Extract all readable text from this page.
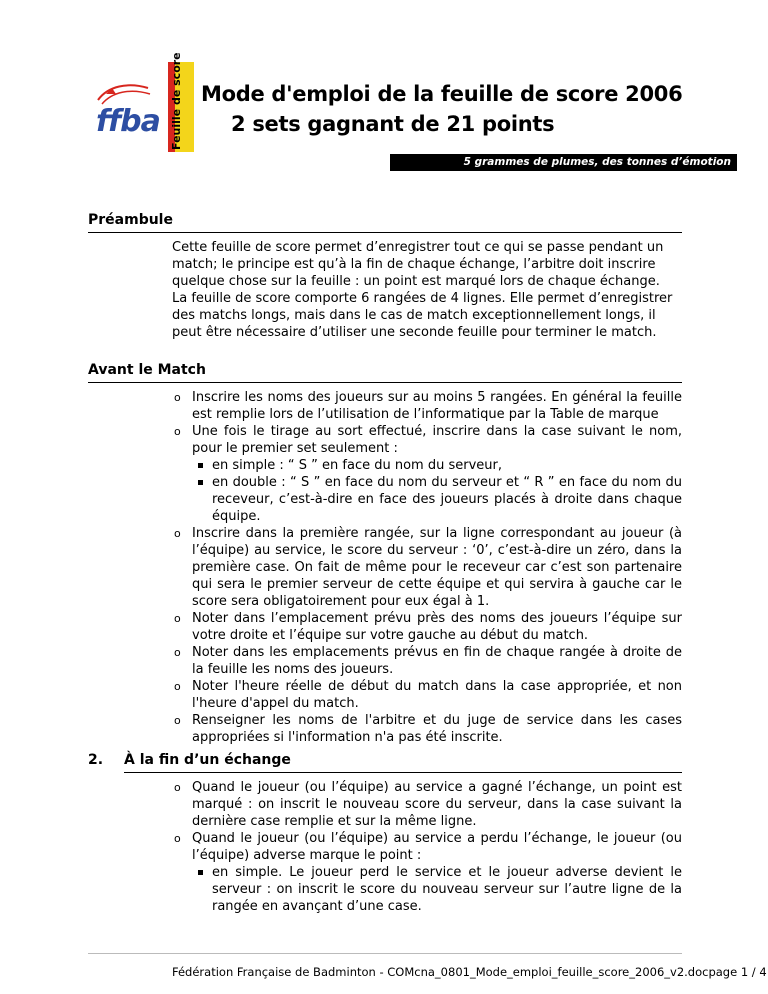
ffba Feuille de score Mode d'emploi de la feuille de score 2006
2 sets gagnant de 21 points
5 grammes de plumes, des tonnes d’émotion
Préambule
Cette feuille de score permet d’enregistrer tout ce qui se passe pendant un match; le principe est qu’à la fin de chaque échange, l’arbitre doit inscrire quelque chose sur la feuille : un point est marqué lors de chaque échange.
La feuille de score comporte 6 rangées de 4 lignes. Elle permet d’enregistrer des matchs longs, mais dans le cas de match exceptionnellement longs, il peut être nécessaire d’utiliser une seconde feuille pour terminer le match.
Avant le Match
o Inscrire les noms des joueurs sur au moins 5 rangées. En général la feuille est remplie lors de l’utilisation de l’informatique par la Table de marque
o Une fois le tirage au sort effectué, inscrire dans la case suivant le nom, pour le premier set seulement :
en simple : “ S ” en face du nom du serveur,
en double : “ S ” en face du nom du serveur et “ R ” en face du nom du receveur, c’est-à-dire en face des joueurs placés à droite dans chaque équipe.
o Inscrire dans la première rangée, sur la ligne correspondant au joueur (à l’équipe) au service, le score du serveur : ‘0’, c’est-à-dire un zéro, dans la première case. On fait de même pour le receveur car c’est son partenaire qui sera le premier serveur de cette équipe et qui servira à gauche car le score sera obligatoirement pour eux égal à 1.
o Noter dans l’emplacement prévu près des noms des joueurs l’équipe sur votre droite et l’équipe sur votre gauche au début du match.
o Noter dans les emplacements prévus en fin de chaque rangée à droite de la feuille les noms des joueurs.
o Noter l'heure réelle de début du match dans la case appropriée, et non l'heure d'appel du match.
o Renseigner les noms de l'arbitre et du juge de service dans les cases appropriées si l'information n'a pas été inscrite.
2. À la fin d’un échange
o Quand le joueur (ou l’équipe) au service a gagné l’échange, un point est marqué : on inscrit le nouveau score du serveur, dans la case suivant la dernière case remplie et sur la même ligne.
o Quand le joueur (ou l’équipe) au service a perdu l’échange, le joueur (ou l’équipe) adverse marque le point :
en simple. Le joueur perd le service et le joueur adverse devient le serveur : on inscrit le score du nouveau serveur sur l’autre ligne de la rangée en avançant d’une case.
Fédération Française de Badminton - COMcna_0801_Mode_emploi_feuille_score_2006_v2.docpage 1 / 4
